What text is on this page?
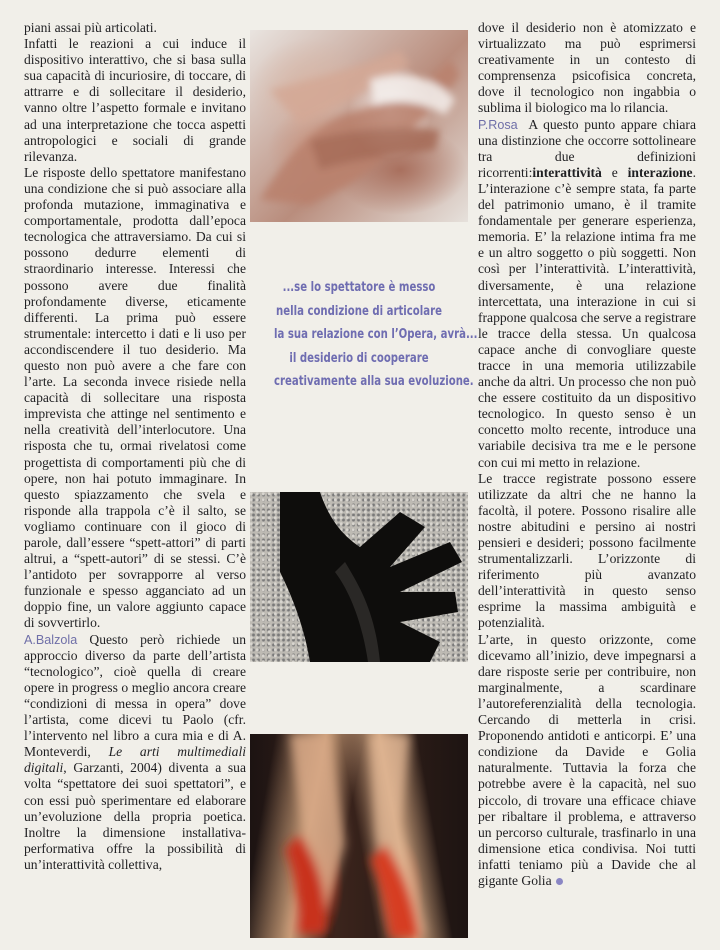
piani assai più articolati.

Infatti le reazioni a cui induce il dispositivo interattivo, che si basa sulla sua capacità di incuriosire, di toccare, di attrarre e di sollecitare il desiderio, vanno oltre l’aspetto formale e invitano ad una interpretazione che tocca aspetti antropologici e sociali di grande rilevanza.

Le risposte dello spettatore manifestano una condizione che si può associare alla profonda mutazione, immaginativa e comportamentale, prodotta dall’epoca tecnologica che attraversiamo. Da cui si possono dedurre elementi di straordinario interesse. Interessi che possono avere due finalità profondamente diverse, eticamente differenti. La prima può essere strumentale: intercetto i dati e li uso per accondiscendere il tuo desiderio. Ma questo non può avere a che fare con l’arte. La seconda invece risiede nella capacità di sollecitare una risposta imprevista che attinge nel sentimento e nella creatività dell’interlocutore. Una risposta che tu, ormai rivelatosi come progettista di comportamenti più che di opere, non hai potuto immaginare. In questo spiazzamento che svela e risponde alla trappola c’è il salto, se vogliamo continuare con il gioco di parole, dall’essere “spett-attori” di parti altrui, a “spett-autori” di se stessi. C’è l’antidoto per sovrapporre al verso funzionale e spesso agganciato ad un doppio fine, un valore aggiunto capace di sovvertirlo.

A.Balzola Questo però richiede un approccio diverso da parte dell’artista “tecnologico”, cioè quella di creare opere in progress o meglio ancora creare “condizioni di messa in opera” dove l’artista, come dicevi tu Paolo (cfr. l’intervento nel libro a cura mia e di A. Monteverdi, Le arti multimediali digitali, Garzanti, 2004) diventa a sua volta “spettatore dei suoi spettatori”, e con essi può sperimentare ed elaborare un’evoluzione della propria poetica. Inoltre la dimensione installativa-performativa offre la possibilità di un’interattività collettiva,

...se lo spettatore è messo
nella condizione di articolare
la sua relazione con l’Opera, avrà...
il desiderio di cooperare
creativamente alla sua evoluzione.

dove il desiderio non è atomizzato e virtualizzato ma può esprimersi creativamente in un contesto di comprensenza psicofisica concreta, dove il tecnologico non ingabbia o sublima il biologico ma lo rilancia.

P.Rosa A questo punto appare chiara una distinzione che occorre sottolineare tra due definizioni ricorrenti:interattività e interazione. L’interazione c’è sempre stata, fa parte del patrimonio umano, è il tramite fondamentale per generare esperienza, memoria. E’ la relazione intima fra me e un altro soggetto o più soggetti. Non così per l’interattività. L’interattività, diversamente, è una relazione intercettata, una interazione in cui si frappone qualcosa che serve a registrare le tracce della stessa. Un qualcosa capace anche di convogliare queste tracce in una memoria utilizzabile anche da altri. Un processo che non può che essere costituito da un dispositivo tecnologico. In questo senso è un concetto molto recente, introduce una variabile decisiva tra me e le persone con cui mi metto in relazione.

Le tracce registrate possono essere utilizzate da altri che ne hanno la facoltà, il potere. Possono risalire alle nostre abitudini e persino ai nostri pensieri e desideri; possono facilmente strumentalizzarli. L’orizzonte di riferimento più avanzato dell’interattività in questo senso esprime la massima ambiguità e potenzialità.

L’arte, in questo orizzonte, come dicevamo all’inizio, deve impegnarsi a dare risposte serie per contribuire, non marginalmente, a scardinare l’autoreferenzialità della tecnologia. Cercando di metterla in crisi. Proponendo antidoti e anticorpi. E’ una condizione da Davide e Golia naturalmente. Tuttavia la forza che potrebbe avere è la capacità, nel suo piccolo, di trovare una efficace chiave per ribaltare il problema, e attraverso un percorso culturale, trasfinarlo in una dimensione etica condivisa. Noi tutti infatti teniamo più a Davide che al gigante Golia
